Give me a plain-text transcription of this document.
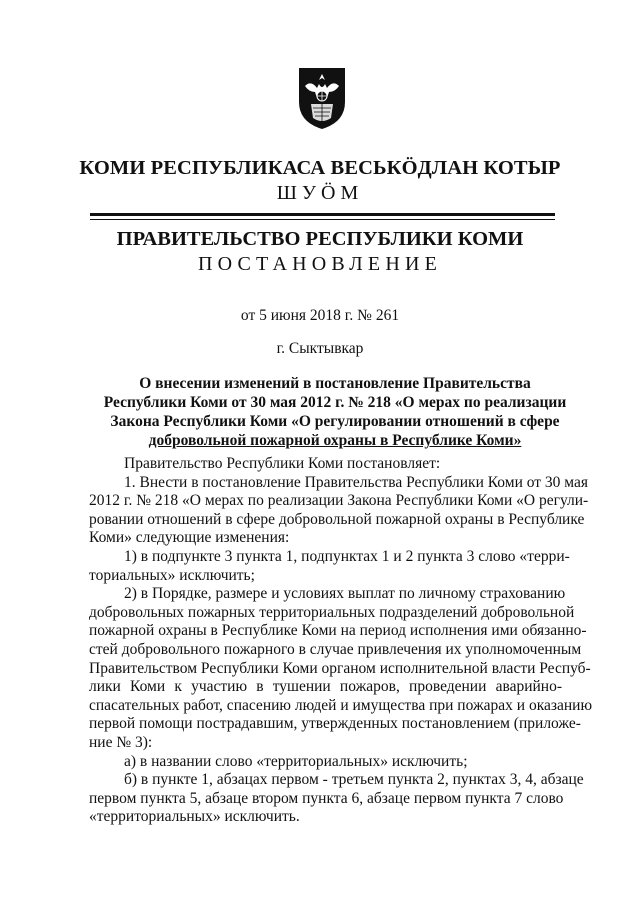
КОМИ РЕСПУБЛИКАСА ВЕСЬКӦДЛАН КОТЫР
ШУӦМ
ПРАВИТЕЛЬСТВО РЕСПУБЛИКИ КОМИ
ПОСТАНОВЛЕНИЕ
от 5 июня 2018 г. № 261
г. Сыктывкар
О внесении изменений в постановление Правительства
Республики Коми от 30 мая 2012 г. № 218 «О мерах по реализации
Закона Республики Коми «О регулировании отношений в сфере
добровольной пожарной охраны в Республике Коми»
Правительство Республики Коми постановляет:
1. Внести в постановление Правительства Республики Коми от 30 мая
2012 г. № 218 «О мерах по реализации Закона Республики Коми «О регули-
ровании отношений в сфере добровольной пожарной охраны в Республике
Коми» следующие изменения:
1) в подпункте 3 пункта 1, подпунктах 1 и 2 пункта 3 слово «терри-
ториальных» исключить;
2) в Порядке, размере и условиях выплат по личному страхованию
добровольных пожарных территориальных подразделений добровольной
пожарной охраны в Республике Коми на период исполнения ими обязанно-
стей добровольного пожарного в случае привлечения их уполномоченным
Правительством Республики Коми органом исполнительной власти Респуб-
лики Коми к участию в тушении пожаров, проведении аварийно-
спасательных работ, спасению людей и имущества при пожарах и оказанию
первой помощи пострадавшим, утвержденных постановлением (приложе-
ние № 3):
а) в названии слово «территориальных» исключить;
б) в пункте 1, абзацах первом - третьем пункта 2, пунктах 3, 4, абзаце
первом пункта 5, абзаце втором пункта 6, абзаце первом пункта 7 слово
«территориальных» исключить.
